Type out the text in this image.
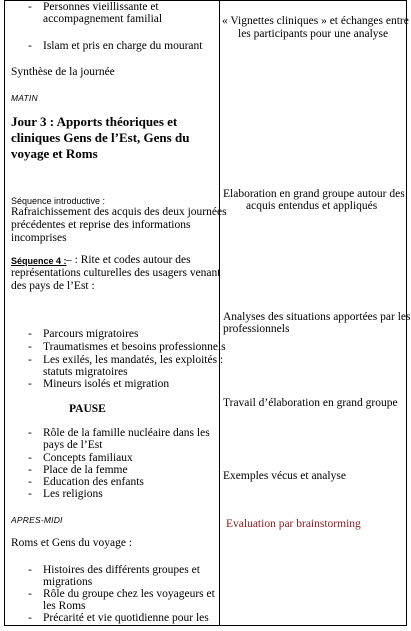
- Personnes vieillissante et
accompagnement familial
- Islam et pris en charge du mourant
Synthèse de la journée
MATIN
Jour 3 : Apports théoriques et
cliniques Gens de l’Est, Gens du
voyage et Roms
Séquence introductive :
Rafraichissement des acquis des deux journées
précédentes et reprise des informations
incomprises
Séquence 4 : – : Rite et codes autour des
représentations culturelles des usagers venant
des pays de l’Est :
- Parcours migratoires
- Traumatismes et besoins professionnels
- Les exilés, les mandatés, les exploités :
statuts migratoires
- Mineurs isolés et migration
PAUSE
- Rôle de la famille nucléaire dans les
pays de l’Est
- Concepts familiaux
- Place de la femme
- Education des enfants
- Les religions
APRES-MIDI
Roms et Gens du voyage :
- Histoires des différents groupes et
migrations
- Rôle du groupe chez les voyageurs et
les Roms
- Précarité et vie quotidienne pour les
« Vignettes cliniques » et échanges entre
les participants pour une analyse
Elaboration en grand groupe autour des
acquis entendus et appliqués
Analyses des situations apportées par les
professionnels
Travail d’élaboration en grand groupe
Exemples vécus et analyse
Evaluation par brainstorming
